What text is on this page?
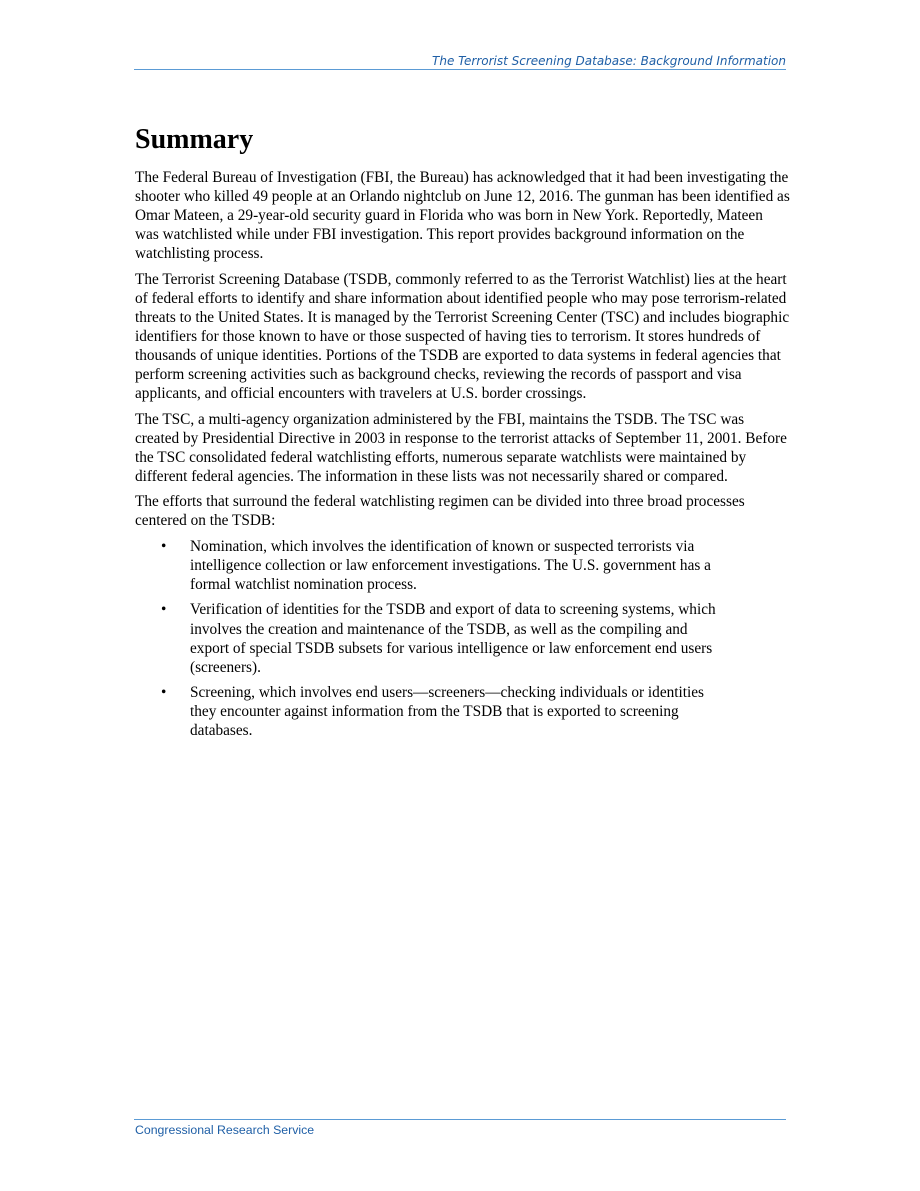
The Terrorist Screening Database: Background Information
Summary

The Federal Bureau of Investigation (FBI, the Bureau) has acknowledged that it had been investigating the shooter who killed 49 people at an Orlando nightclub on June 12, 2016. The gunman has been identified as Omar Mateen, a 29-year-old security guard in Florida who was born in New York. Reportedly, Mateen was watchlisted while under FBI investigation. This report provides background information on the watchlisting process.

The Terrorist Screening Database (TSDB, commonly referred to as the Terrorist Watchlist) lies at the heart of federal efforts to identify and share information about identified people who may pose terrorism-related threats to the United States. It is managed by the Terrorist Screening Center (TSC) and includes biographic identifiers for those known to have or those suspected of having ties to terrorism. It stores hundreds of thousands of unique identities. Portions of the TSDB are exported to data systems in federal agencies that perform screening activities such as background checks, reviewing the records of passport and visa applicants, and official encounters with travelers at U.S. border crossings.

The TSC, a multi-agency organization administered by the FBI, maintains the TSDB. The TSC was created by Presidential Directive in 2003 in response to the terrorist attacks of September 11, 2001. Before the TSC consolidated federal watchlisting efforts, numerous separate watchlists were maintained by different federal agencies. The information in these lists was not necessarily shared or compared.

The efforts that surround the federal watchlisting regimen can be divided into three broad processes centered on the TSDB:

• Nomination, which involves the identification of known or suspected terrorists via intelligence collection or law enforcement investigations. The U.S. government has a formal watchlist nomination process.
• Verification of identities for the TSDB and export of data to screening systems, which involves the creation and maintenance of the TSDB, as well as the compiling and export of special TSDB subsets for various intelligence or law enforcement end users (screeners).
• Screening, which involves end users—screeners—checking individuals or identities they encounter against information from the TSDB that is exported to screening databases.
Congressional Research Service
